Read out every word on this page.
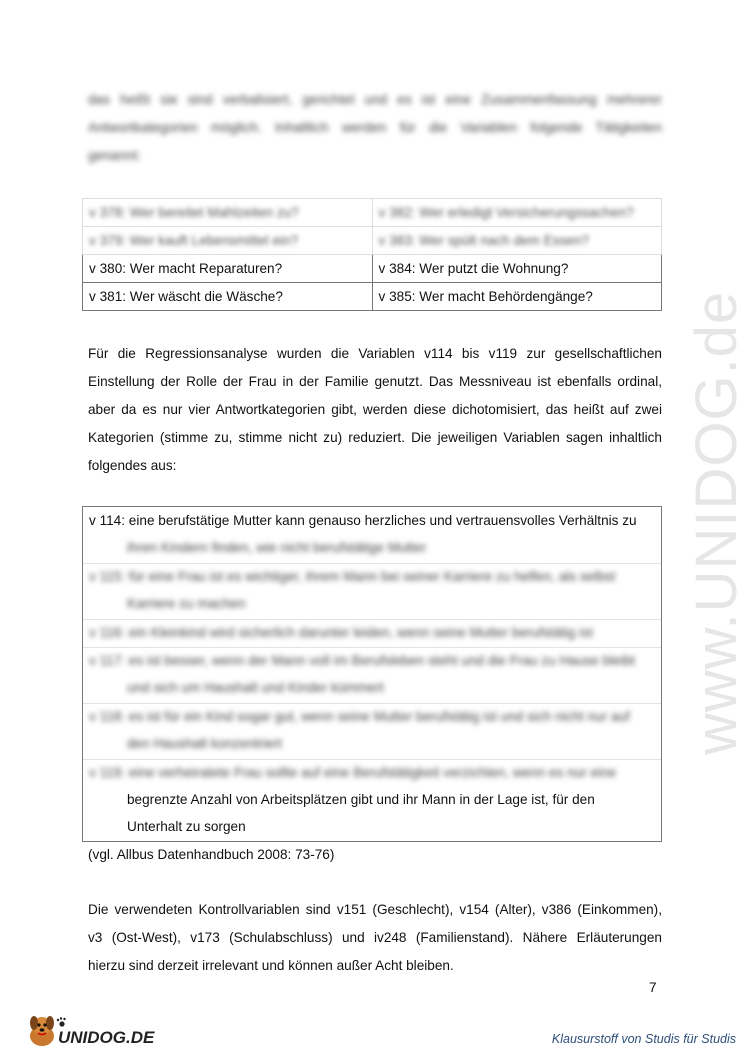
das heißt sie sind verbalisiert, gerichtet und es ist eine Zusammenfassung mehrerer
Antwortkategorien möglich. Inhaltlich werden für die Variablen folgende Tätigkeiten
genannt:
v 378: Wer bereitet Mahlzeiten zu?	v 382: Wer erledigt Versicherungssachen?
v 379: Wer kauft Lebensmittel ein?	v 383: Wer spült nach dem Essen?
v 380: Wer macht Reparaturen?	v 384: Wer putzt die Wohnung?
v 381: Wer wäscht die Wäsche?	v 385: Wer macht Behördengänge?
Für die Regressionsanalyse wurden die Variablen v114 bis v119 zur gesellschaftlichen
Einstellung der Rolle der Frau in der Familie genutzt. Das Messniveau ist ebenfalls ordinal,
aber da es nur vier Antwortkategorien gibt, werden diese dichotomisiert, das heißt auf zwei
Kategorien (stimme zu, stimme nicht zu) reduziert. Die jeweiligen Variablen sagen inhaltlich
folgendes aus:
v 114: eine berufstätige Mutter kann genauso herzliches und vertrauensvolles Verhältnis zu
ihren Kindern finden, wie nicht berufstätige Mutter
v 115: für eine Frau ist es wichtiger, ihrem Mann bei seiner Karriere zu helfen, als selbst
Karriere zu machen
v 116: ein Kleinkind wird sicherlich darunter leiden, wenn seine Mutter berufstätig ist
v 117: es ist besser, wenn der Mann voll im Berufsleben steht und die Frau zu Hause bleibt
und sich um Haushalt und Kinder kümmert
v 118: es ist für ein Kind sogar gut, wenn seine Mutter berufstätig ist und sich nicht nur auf
den Haushalt konzentriert
v 119: eine verheiratete Frau sollte auf eine Berufstätigkeit verzichten, wenn es nur eine
begrenzte Anzahl von Arbeitsplätzen gibt und ihr Mann in der Lage ist, für den
Unterhalt zu sorgen
(vgl. Allbus Datenhandbuch 2008: 73-76)
Die verwendeten Kontrollvariablen sind v151 (Geschlecht), v154 (Alter), v386 (Einkommen),
v3 (Ost-West), v173 (Schulabschluss) und iv248 (Familienstand). Nähere Erläuterungen
hierzu sind derzeit irrelevant und können außer Acht bleiben.
7
www.UNIDOG.de
UNIDOG.DE	Klausurstoff von Studis für Studis
